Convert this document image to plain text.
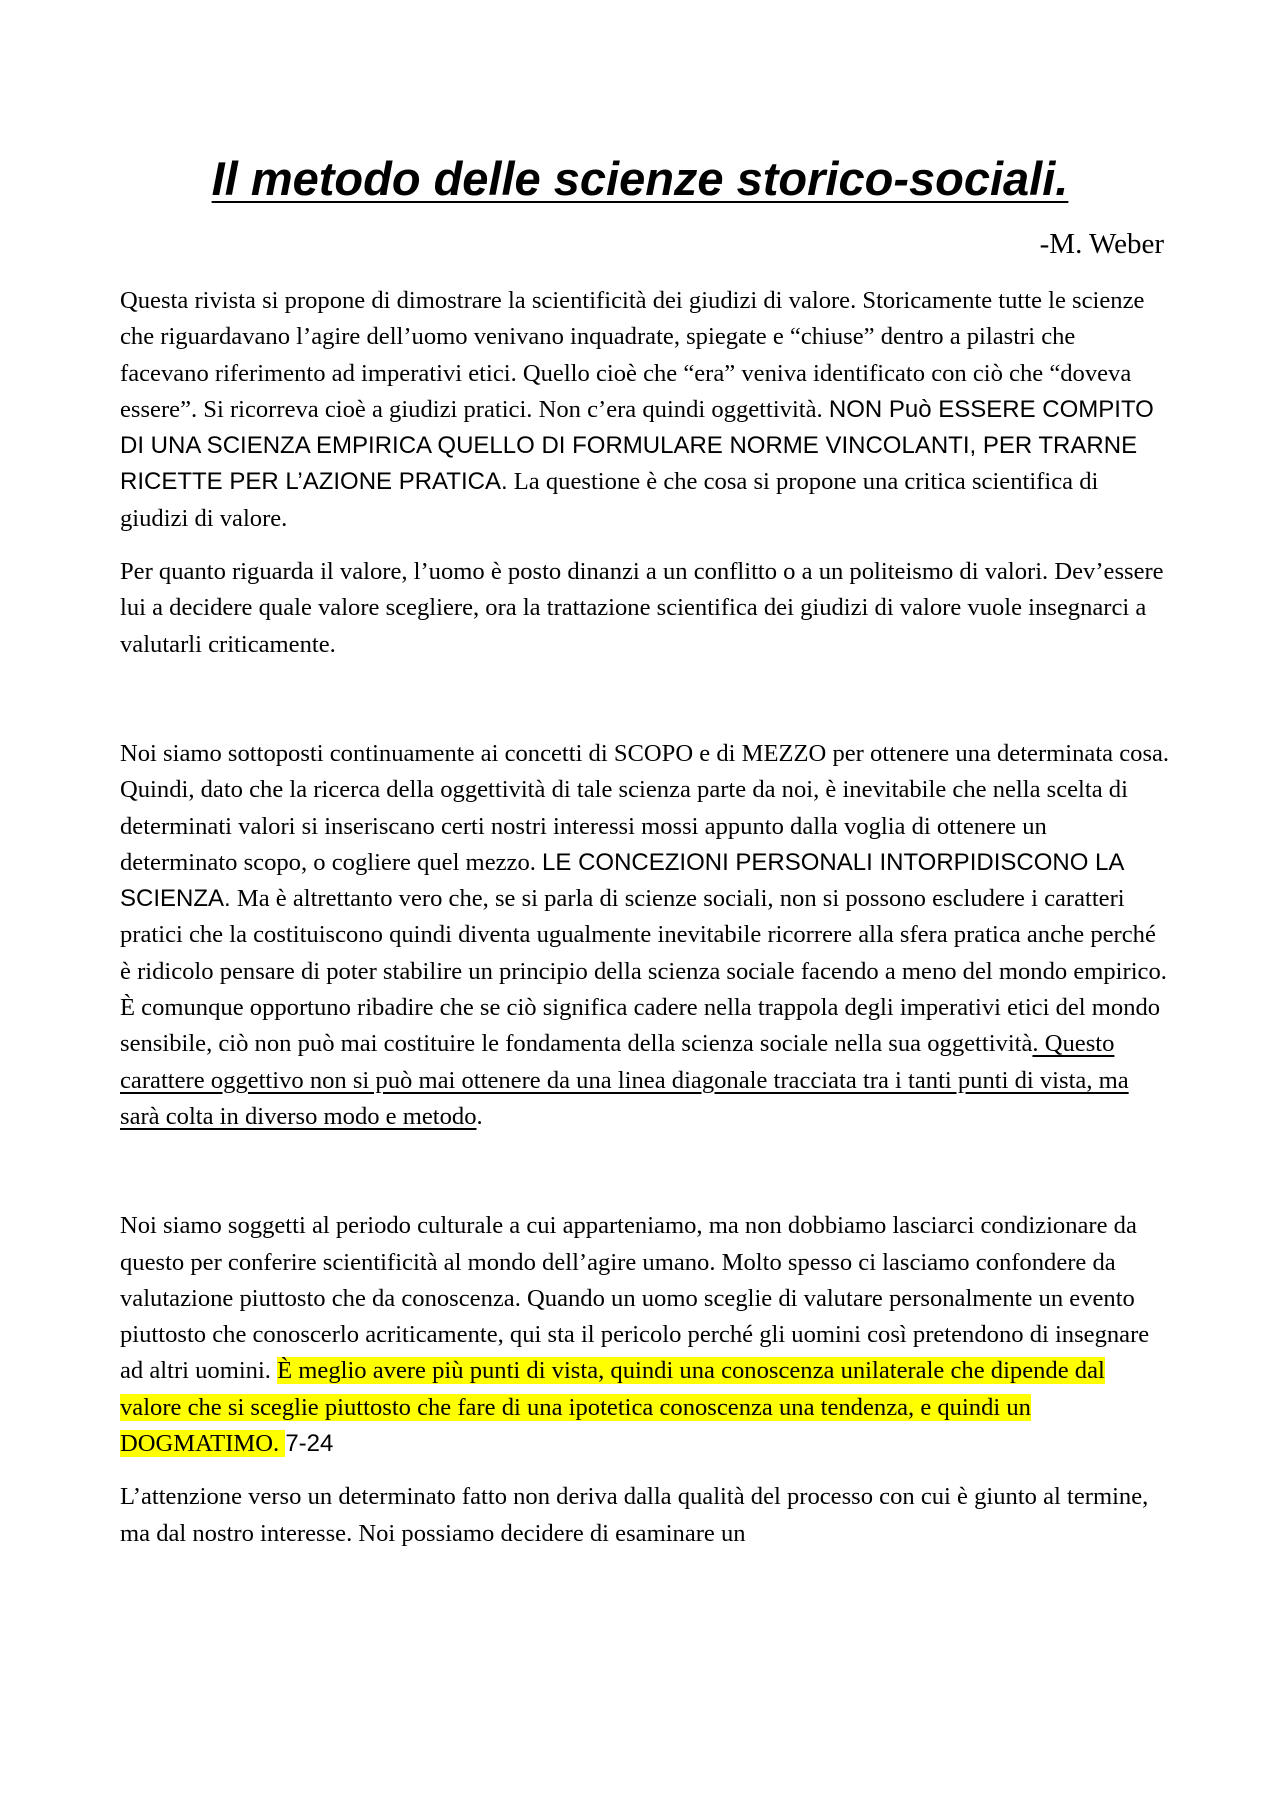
Il metodo delle scienze storico-sociali.
-M. Weber

Questa rivista si propone di dimostrare la scientificità dei giudizi di valore. Storicamente tutte le scienze che riguardavano l’agire dell’uomo venivano inquadrate, spiegate e “chiuse” dentro a pilastri che facevano riferimento ad imperativi etici. Quello cioè che “era” veniva identificato con ciò che “doveva essere”. Si ricorreva cioè a giudizi pratici. Non c’era quindi oggettività. NON Può ESSERE COMPITO DI UNA SCIENZA EMPIRICA QUELLO DI FORMULARE NORME VINCOLANTI, PER TRARNE RICETTE PER L’AZIONE PRATICA. La questione è che cosa si propone una critica scientifica di giudizi di valore.

Per quanto riguarda il valore, l’uomo è posto dinanzi a un conflitto o a un politeismo di valori. Dev’essere lui a decidere quale valore scegliere, ora la trattazione scientifica dei giudizi di valore vuole insegnarci a valutarli criticamente.

Noi siamo sottoposti continuamente ai concetti di SCOPO e di MEZZO per ottenere una determinata cosa. Quindi, dato che la ricerca della oggettività di tale scienza parte da noi, è inevitabile che nella scelta di determinati valori si inseriscano certi nostri interessi mossi appunto dalla voglia di ottenere un determinato scopo, o cogliere quel mezzo. LE CONCEZIONI PERSONALI INTORPIDISCONO LA SCIENZA. Ma è altrettanto vero che, se si parla di scienze sociali, non si possono escludere i caratteri pratici che la costituiscono quindi diventa ugualmente inevitabile ricorrere alla sfera pratica anche perché è ridicolo pensare di poter stabilire un principio della scienza sociale facendo a meno del mondo empirico. È comunque opportuno ribadire che se ciò significa cadere nella trappola degli imperativi etici del mondo sensibile, ciò non può mai costituire le fondamenta della scienza sociale nella sua oggettività. Questo carattere oggettivo non si può mai ottenere da una linea diagonale tracciata tra i tanti punti di vista, ma sarà colta in diverso modo e metodo.

Noi siamo soggetti al periodo culturale a cui apparteniamo, ma non dobbiamo lasciarci condizionare da questo per conferire scientificità al mondo dell’agire umano. Molto spesso ci lasciamo confondere da valutazione piuttosto che da conoscenza. Quando un uomo sceglie di valutare personalmente un evento piuttosto che conoscerlo acriticamente, qui sta il pericolo perché gli uomini così pretendono di insegnare ad altri uomini. È meglio avere più punti di vista, quindi una conoscenza unilaterale che dipende dal valore che si sceglie piuttosto che fare di una ipotetica conoscenza una tendenza, e quindi un DOGMATIMO. 7-24

L’attenzione verso un determinato fatto non deriva dalla qualità del processo con cui è giunto al termine, ma dal nostro interesse. Noi possiamo decidere di esaminare un
